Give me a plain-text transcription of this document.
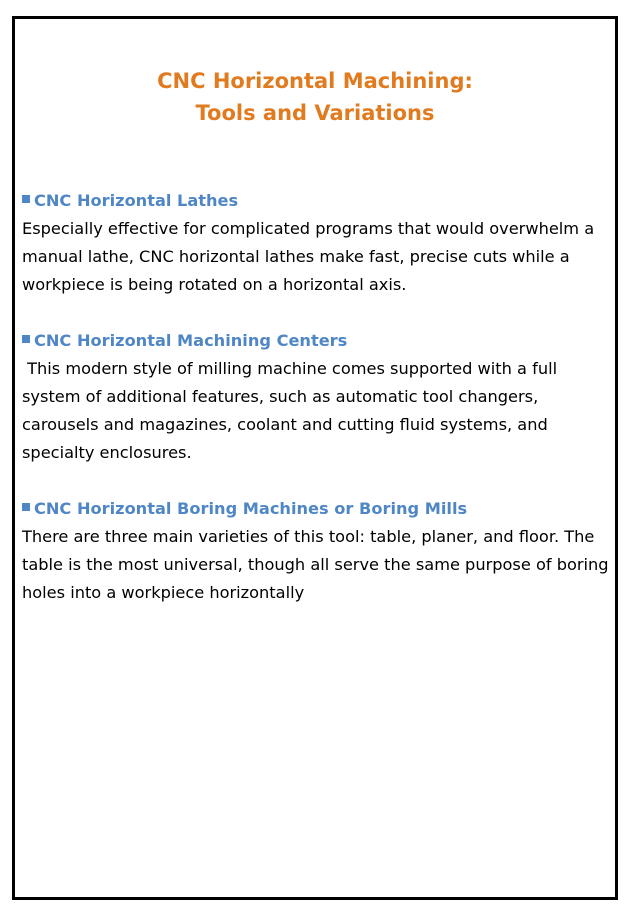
CNC Horizontal Machining:
Tools and Variations
CNC Horizontal Lathes

Especially effective for complicated programs that would overwhelm a manual lathe, CNC horizontal lathes make fast, precise cuts while a workpiece is being rotated on a horizontal axis.

CNC Horizontal Machining Centers

This modern style of milling machine comes supported with a full system of additional features, such as automatic tool changers, carousels and magazines, coolant and cutting fluid systems, and specialty enclosures.

CNC Horizontal Boring Machines or Boring Mills

There are three main varieties of this tool: table, planer, and floor. The table is the most universal, though all serve the same purpose of boring holes into a workpiece horizontally
